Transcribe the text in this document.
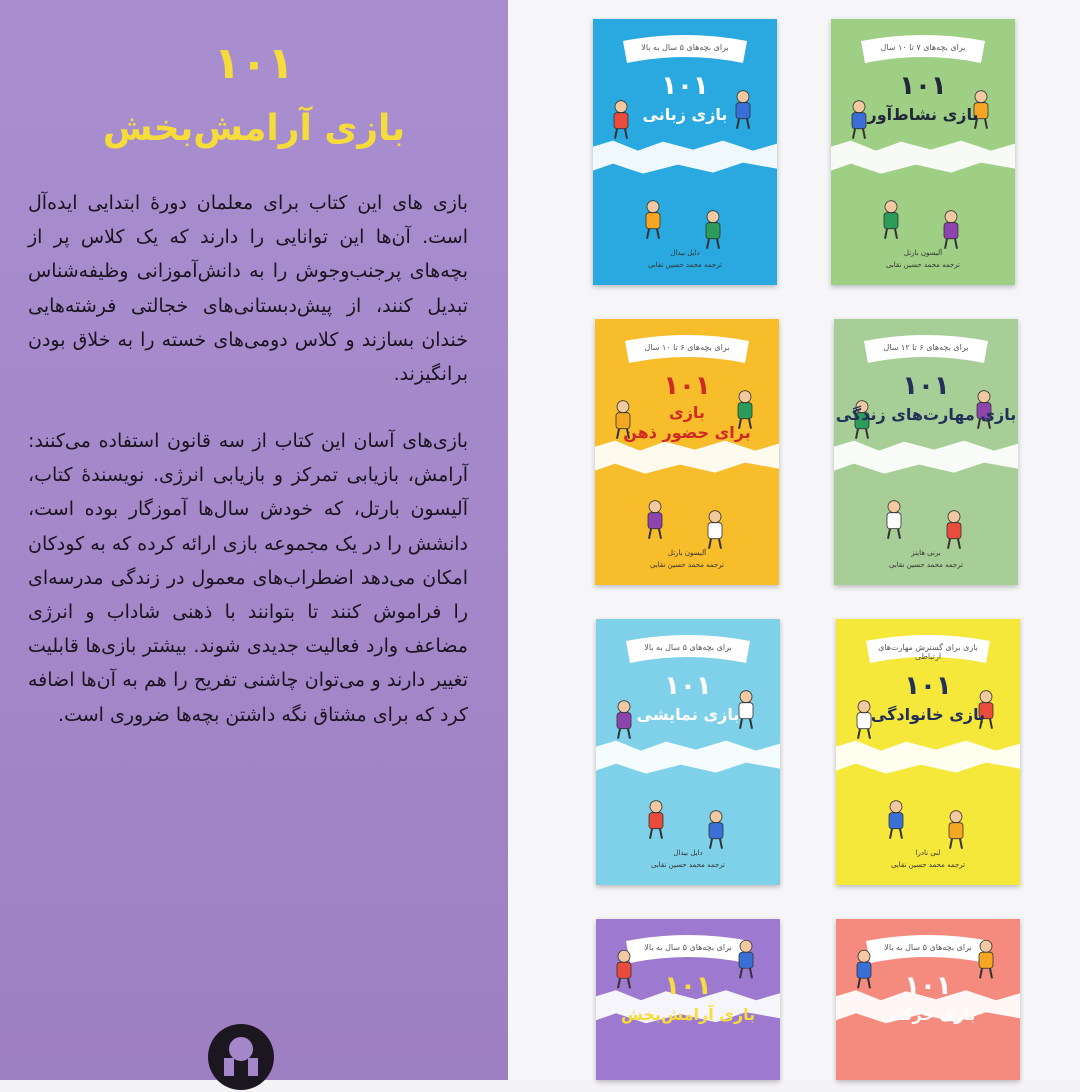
۱۰۱
بازی آرامش‌بخش
بازی های این کتاب برای معلمان دورهٔ ابتدایی ایده‌آل است. آن‌ها این توانایی را دارند که یک کلاس پر از بچه‌های پرجنب‌وجوش را به دانش‌آموزانی وظیفه‌شناس تبدیل کنند، از پیش‌دبستانی‌های خجالتی فرشته‌هایی خندان بسازند و کلاس دومی‌های خسته را به خلاق بودن برانگیزند.
بازی‌های آسان این کتاب از سه قانون استفاده می‌کنند: آرامش، بازیابی تمرکز و بازیابی انرژی. نویسندهٔ کتاب، آلیسون بارتل، که خودش سال‌ها آموزگار بوده است، دانشش را در یک مجموعه بازی ارائه کرده که به کودکان امکان می‌دهد اضطراب‌های معمول در زندگی مدرسه‌ای را فراموش کنند تا بتوانند با ذهنی شاداب و انرژی مضاعف وارد فعالیت جدیدی شوند. بیشتر بازی‌ها قابلیت تغییر دارند و می‌توان چاشنی تفریح را هم به آن‌ها اضافه کرد که برای مشتاق نگه داشتن بچه‌ها ضروری است.
برای بچه‌های ۵ سال به بالا
۱۰۱
بازی زبانی
دایل بیدال
ترجمه محمد حسین نقابی
برای بچه‌های ۷ تا ۱۰ سال
۱۰۱
بازی نشاط‌آور
آلیسون بارتل
ترجمه محمد حسین نقابی
برای بچه‌های ۶ تا ۱۰ سال
۱۰۱
بازی
برای حضور ذهن
آلیسون بارتل
ترجمه محمد حسین نقابی
برای بچه‌های ۶ تا ۱۲ سال
۱۰۱
بازی مهارت‌های زندگی
برنی هاینز
ترجمه محمد حسین نقابی
برای بچه‌های ۵ سال به بالا
۱۰۱
بازی نمایشی
دایل بیدال
ترجمه محمد حسین نقابی
بازی برای گسترش مهارت‌های ارتباطی
۱۰۱
بازی خانوادگی
لنی نادرا
ترجمه محمد حسین نقابی
برای بچه‌های ۵ سال به بالا
۱۰۱
بازی آرامش‌بخش
برای بچه‌های ۵ سال به بالا
۱۰۱
بازی حرکتی
